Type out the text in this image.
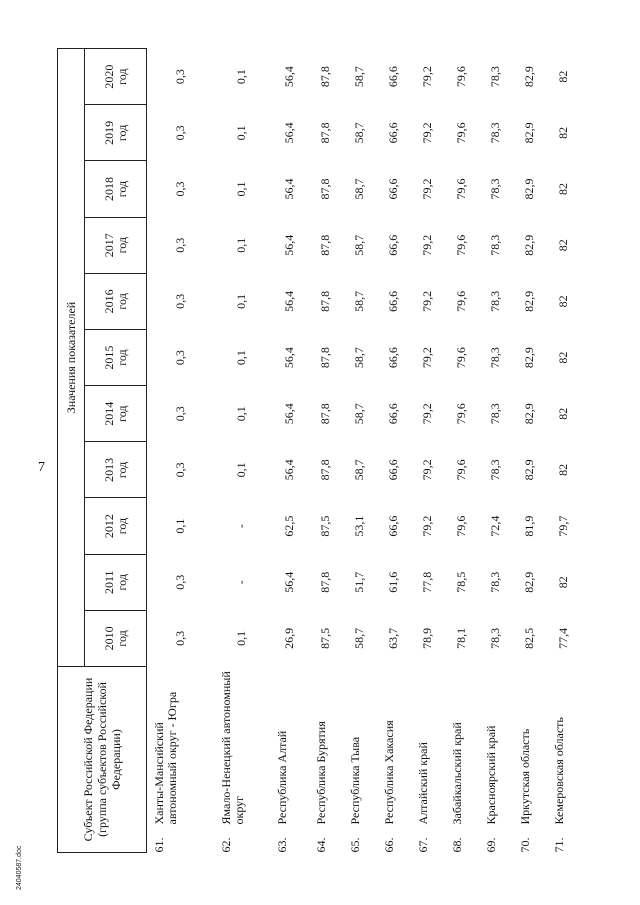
7
24040587.doc
Субъект Российской Федерации (группа субъектов Российской Федерации)	Значения показателей										

	2010 год	2011 год	2012 год	2013 год	2014 год	2015 год	2016 год	2017 год	2018 год	2019 год	2020 год

61.Ханты-Мансийский автономный округ - Югра	0,3	0,3	0,1	0,3	0,3	0,3	0,3	0,3	0,3	0,3	0,3
62.Ямало-Ненецкий автономный округ	0,1	-	-	0,1	0,1	0,1	0,1	0,1	0,1	0,1	0,1
63.Республика Алтай	26,9	56,4	62,5	56,4	56,4	56,4	56,4	56,4	56,4	56,4	56,4
64.Республика Бурятия	87,5	87,8	87,5	87,8	87,8	87,8	87,8	87,8	87,8	87,8	87,8
65.Республика Тыва	58,7	51,7	53,1	58,7	58,7	58,7	58,7	58,7	58,7	58,7	58,7
66.Республика Хакасия	63,7	61,6	66,6	66,6	66,6	66,6	66,6	66,6	66,6	66,6	66,6
67.Алтайский край	78,9	77,8	79,2	79,2	79,2	79,2	79,2	79,2	79,2	79,2	79,2
68.Забайкальский край	78,1	78,5	79,6	79,6	79,6	79,6	79,6	79,6	79,6	79,6	79,6
69.Красноярский край	78,3	78,3	72,4	78,3	78,3	78,3	78,3	78,3	78,3	78,3	78,3
70.Иркутская область	82,5	82,9	81,9	82,9	82,9	82,9	82,9	82,9	82,9	82,9	82,9
71.Кемеровская область	77,4	82	79,7	82	82	82	82	82	82	82	82
